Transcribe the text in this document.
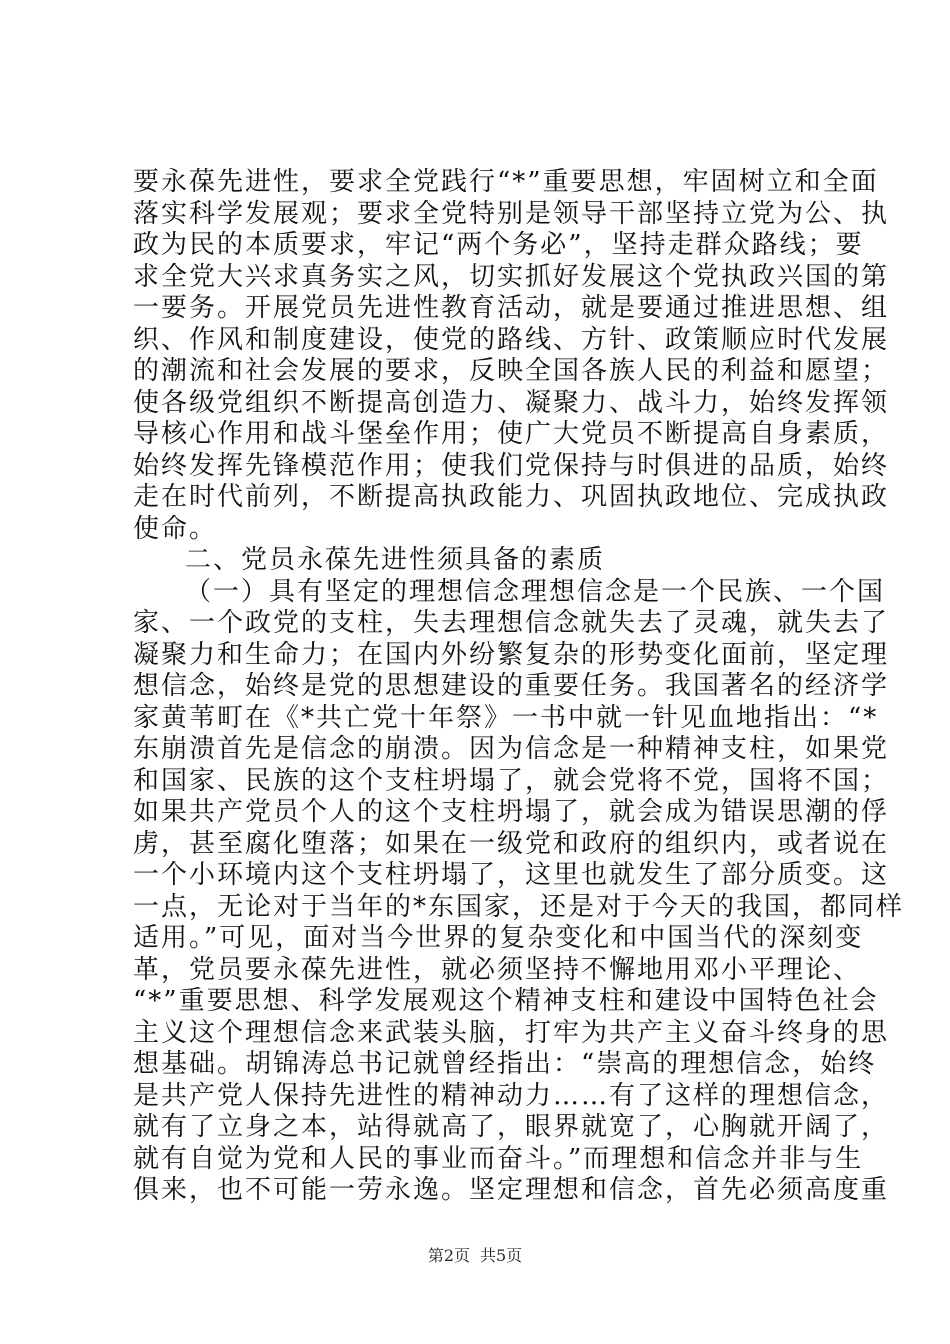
要永葆先进性，要求全党践行“*”重要思想，牢固树立和全面
落实科学发展观；要求全党特别是领导干部坚持立党为公、执
政为民的本质要求，牢记“两个务必”，坚持走群众路线；要
求全党大兴求真务实之风，切实抓好发展这个党执政兴国的第
一要务。开展党员先进性教育活动，就是要通过推进思想、组
织、作风和制度建设，使党的路线、方针、政策顺应时代发展
的潮流和社会发展的要求，反映全国各族人民的利益和愿望；
使各级党组织不断提高创造力、凝聚力、战斗力，始终发挥领
导核心作用和战斗堡垒作用；使广大党员不断提高自身素质，
始终发挥先锋模范作用；使我们党保持与时俱进的品质，始终
走在时代前列，不断提高执政能力、巩固执政地位、完成执政
使命。
二、党员永葆先进性须具备的素质
（一）具有坚定的理想信念理想信念是一个民族、一个国
家、一个政党的支柱，失去理想信念就失去了灵魂，就失去了
凝聚力和生命力；在国内外纷繁复杂的形势变化面前，坚定理
想信念，始终是党的思想建设的重要任务。我国著名的经济学
家黄苇町在《*共亡党十年祭》一书中就一针见血地指出：“*
东崩溃首先是信念的崩溃。因为信念是一种精神支柱，如果党
和国家、民族的这个支柱坍塌了，就会党将不党，国将不国；
如果共产党员个人的这个支柱坍塌了，就会成为错误思潮的俘
虏，甚至腐化堕落；如果在一级党和政府的组织内，或者说在
一个小环境内这个支柱坍塌了，这里也就发生了部分质变。这
一点，无论对于当年的*东国家，还是对于今天的我国，都同样
适用。”可见，面对当今世界的复杂变化和中国当代的深刻变
革，党员要永葆先进性，就必须坚持不懈地用邓小平理论、
“*”重要思想、科学发展观这个精神支柱和建设中国特色社会
主义这个理想信念来武装头脑，打牢为共产主义奋斗终身的思
想基础。胡锦涛总书记就曾经指出：“崇高的理想信念，始终
是共产党人保持先进性的精神动力……有了这样的理想信念，
就有了立身之本，站得就高了，眼界就宽了，心胸就开阔了，
就有自觉为党和人民的事业而奋斗。”而理想和信念并非与生
俱来，也不可能一劳永逸。坚定理想和信念，首先必须高度重
第2页 共5页
